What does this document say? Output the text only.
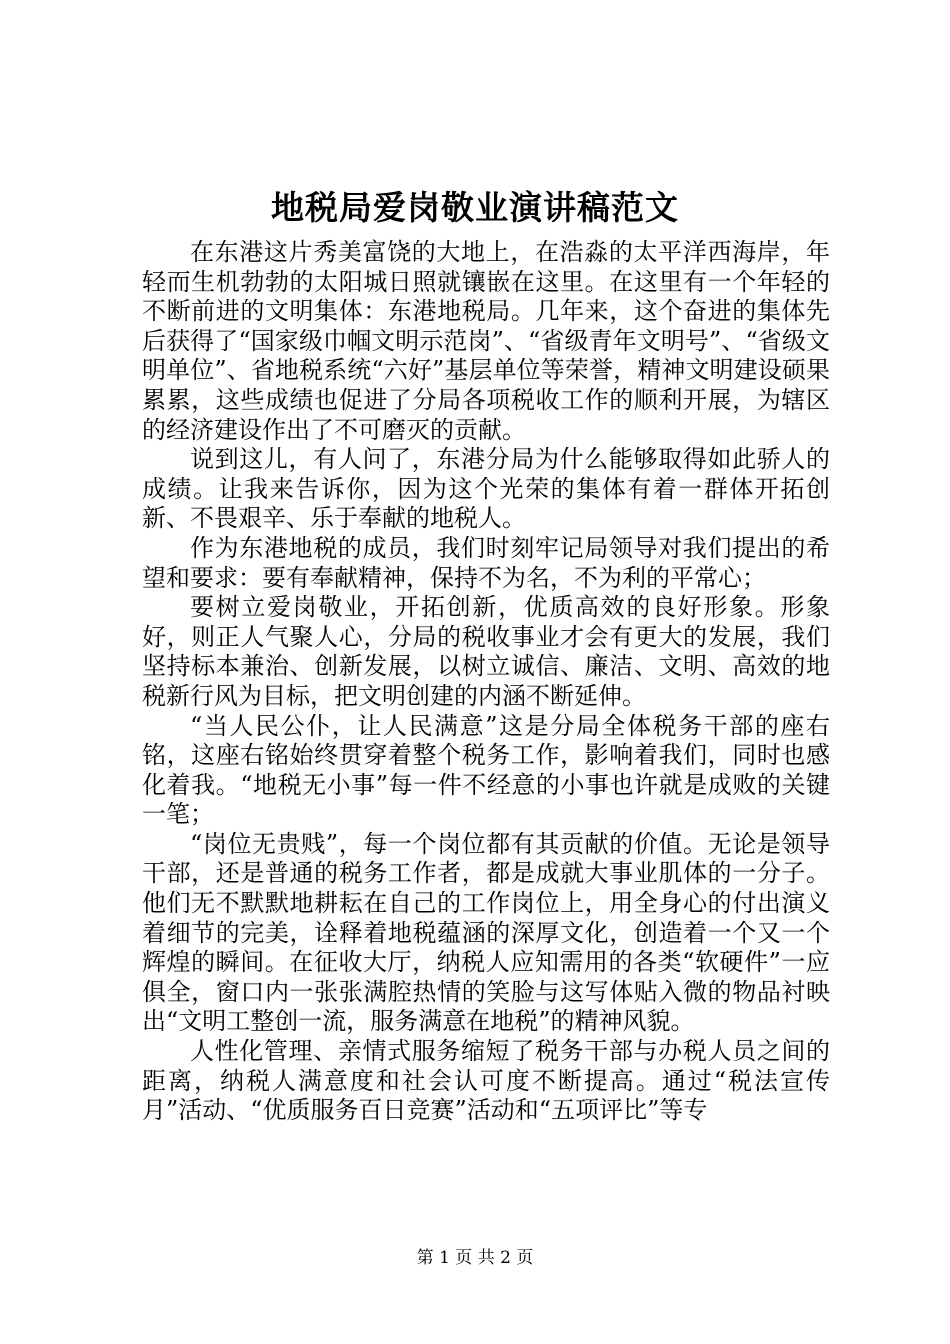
地税局爱岗敬业演讲稿范文

在东港这片秀美富饶的大地上，在浩淼的太平洋西海岸，年轻而生机勃勃的太阳城日照就镶嵌在这里。在这里有一个年轻的不断前进的文明集体：东港地税局。几年来，这个奋进的集体先后获得了“国家级巾帼文明示范岗”、“省级青年文明号”、“省级文明单位”、省地税系统“六好”基层单位等荣誉，精神文明建设硕果累累，这些成绩也促进了分局各项税收工作的顺利开展，为辖区的经济建设作出了不可磨灭的贡献。

说到这儿，有人问了，东港分局为什么能够取得如此骄人的成绩。让我来告诉你，因为这个光荣的集体有着一群体开拓创新、不畏艰辛、乐于奉献的地税人。

作为东港地税的成员，我们时刻牢记局领导对我们提出的希望和要求：要有奉献精神，保持不为名，不为利的平常心；

要树立爱岗敬业，开拓创新，优质高效的良好形象。形象好，则正人气聚人心，分局的税收事业才会有更大的发展，我们坚持标本兼治、创新发展，以树立诚信、廉洁、文明、高效的地税新行风为目标，把文明创建的内涵不断延伸。

“当人民公仆，让人民满意”这是分局全体税务干部的座右铭，这座右铭始终贯穿着整个税务工作，影响着我们，同时也感化着我。“地税无小事”每一件不经意的小事也许就是成败的关键一笔；

“岗位无贵贱”，每一个岗位都有其贡献的价值。无论是领导干部，还是普通的税务工作者，都是成就大事业肌体的一分子。他们无不默默地耕耘在自己的工作岗位上，用全身心的付出演义着细节的完美，诠释着地税蕴涵的深厚文化，创造着一个又一个辉煌的瞬间。在征收大厅，纳税人应知需用的各类“软硬件”一应俱全，窗口内一张张满腔热情的笑脸与这写体贴入微的物品衬映出“文明工整创一流，服务满意在地税”的精神风貌。

人性化管理、亲情式服务缩短了税务干部与办税人员之间的距离，纳税人满意度和社会认可度不断提高。通过“税法宣传月”活动、“优质服务百日竞赛”活动和“五项评比”等专

第 1 页 共 2 页
